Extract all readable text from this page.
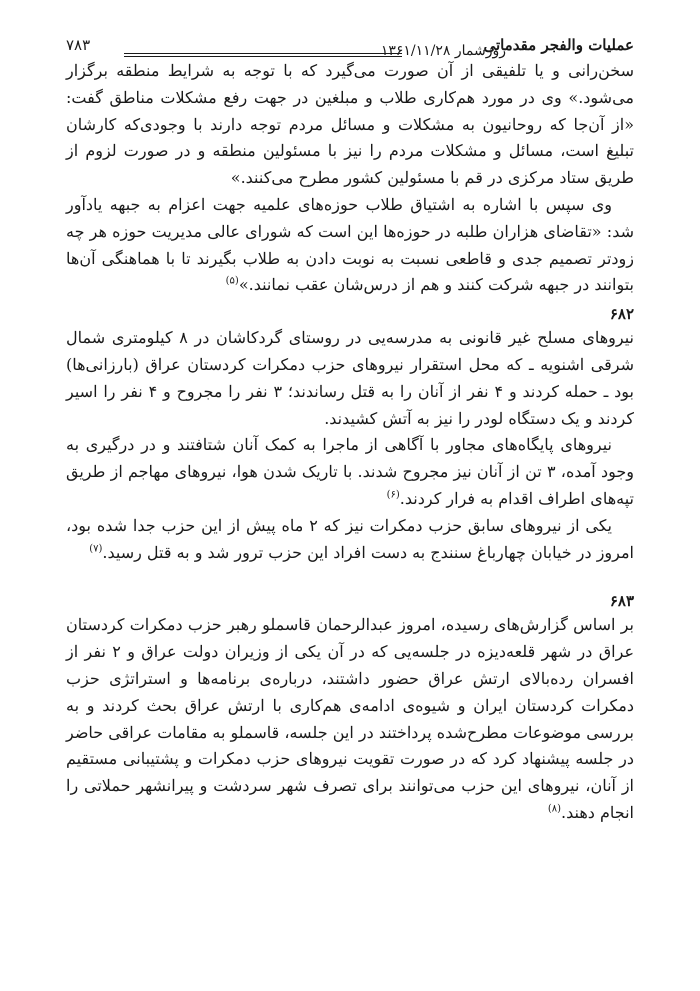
عملیات والفجر مقدماتی
روزشمار ۱۳۶۱/۱۱/۲۸
۷۸۳

سخن‌رانی و یا تلفیقی از آن صورت می‌گیرد که با توجه به شرایط منطقه برگزار می‌شود.» وی در مورد هم‌کاری طلاب و مبلغین در جهت رفع مشکلات مناطق گفت: «از آن‌جا که روحانیون به مشکلات و مسائل مردم توجه دارند با وجودی‌که کارشان تبلیغ است، مسائل و مشکلات مردم را نیز با مسئولین منطقه و در صورت لزوم از طریق ستاد مرکزی در قم با مسئولین کشور مطرح می‌کنند.»

وی سپس با اشاره به اشتیاق طلاب حوزه‌های علمیه جهت اعزام به جبهه یادآور شد: «تقاضای هزاران طلبه در حوزه‌ها این است که شورای عالی مدیریت حوزه هر چه زودتر تصمیم جدی و قاطعی نسبت به نوبت دادن به طلاب بگیرند تا با هماهنگی آن‌ها بتوانند در جبهه شرکت کنند و هم از درس‌شان عقب نمانند.»$^{(۵)}$

۶۸۲

نیروهای مسلح غیر قانونی به مدرسه‌یی در روستای گردکاشان در ۸ کیلومتری شمال شرقی اشنویه ـ که محل استقرار نیروهای حزب دمکرات کردستان عراق (بارزانی‌ها) بود ـ حمله کردند و ۴ نفر از آنان را به قتل رساندند؛ ۳ نفر را مجروح و ۴ نفر را اسیر کردند و یک دستگاه لودر را نیز به آتش کشیدند.

نیروهای پایگاه‌های مجاور با آگاهی از ماجرا به کمک آنان شتافتند و در درگیری به وجود آمده، ۳ تن از آنان نیز مجروح شدند. با تاریک شدن هوا، نیروهای مهاجم از طریق تپه‌های اطراف اقدام به فرار کردند.$^{(۶)}$

یکی از نیروهای سابق حزب دمکرات نیز که ۲ ماه پیش از این حزب جدا شده بود، امروز در خیابان چهارباغ سنندج به دست افراد این حزب ترور شد و به قتل رسید.$^{(۷)}$

۶۸۳

بر اساس گزارش‌های رسیده، امروز عبدالرحمان قاسملو رهبر حزب دمکرات کردستان عراق در شهر قلعه‌دیزه در جلسه‌یی که در آن یکی از وزیران دولت عراق و ۲ نفر از افسران رده‌بالای ارتش عراق حضور داشتند، درباره‌ی برنامه‌ها و استراتژی حزب دمکرات کردستان ایران و شیوه‌ی ادامه‌ی هم‌کاری با ارتش عراق بحث کردند و به بررسی موضوعات مطرح‌شده پرداختند در این جلسه، قاسملو به مقامات عراقی حاضر در جلسه پیشنهاد کرد که در صورت تقویت نیروهای حزب دمکرات و پشتیبانی مستقیم از آنان، نیروهای این حزب می‌توانند برای تصرف شهر سردشت و پیرانشهر حملاتی را انجام دهند.$^{(۸)}$
